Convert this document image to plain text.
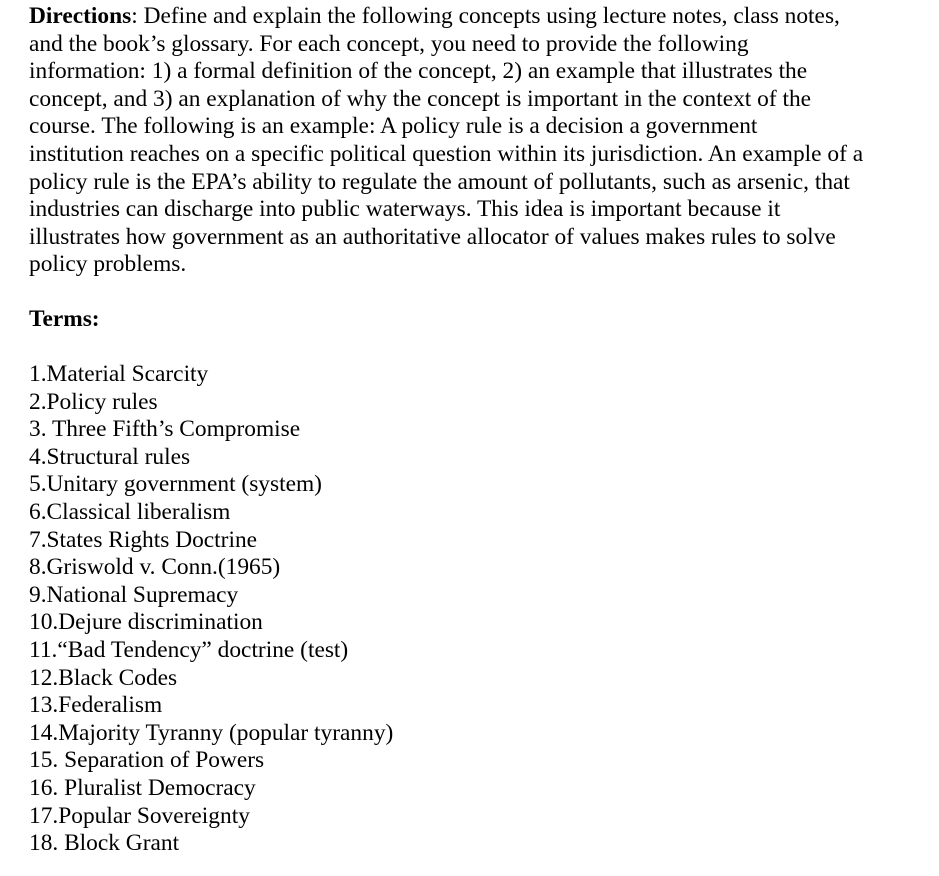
Directions: Define and explain the following concepts using lecture notes, class notes,
and the book’s glossary. For each concept, you need to provide the following
information: 1) a formal definition of the concept, 2) an example that illustrates the
concept, and 3) an explanation of why the concept is important in the context of the
course. The following is an example: A policy rule is a decision a government
institution reaches on a specific political question within its jurisdiction. An example of a
policy rule is the EPA’s ability to regulate the amount of pollutants, such as arsenic, that
industries can discharge into public waterways. This idea is important because it
illustrates how government as an authoritative allocator of values makes rules to solve
policy problems.

Terms:

1.Material Scarcity
2.Policy rules
3. Three Fifth’s Compromise
4.Structural rules
5.Unitary government (system)
6.Classical liberalism
7.States Rights Doctrine
8.Griswold v. Conn.(1965)
9.National Supremacy
10.Dejure discrimination
11.“Bad Tendency” doctrine (test)
12.Black Codes
13.Federalism
14.Majority Tyranny (popular tyranny)
15. Separation of Powers
16. Pluralist Democracy
17.Popular Sovereignty
18. Block Grant
